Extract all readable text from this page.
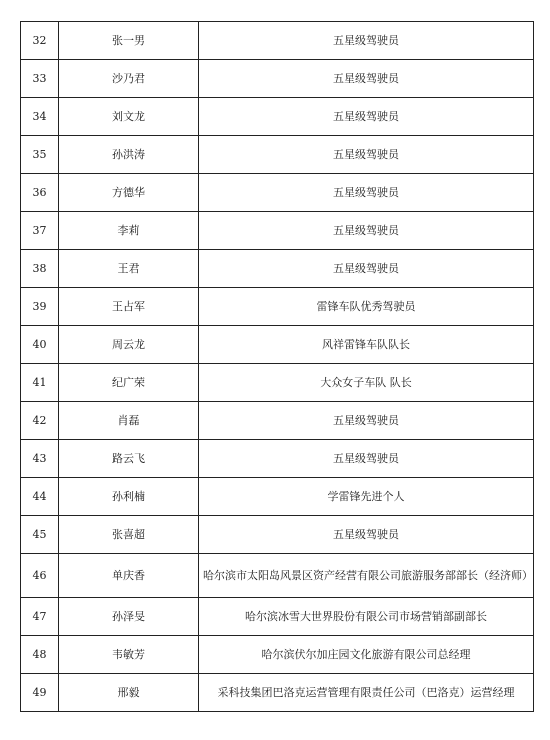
32	张一男	五星级驾驶员
33	沙乃君	五星级驾驶员
34	刘文龙	五星级驾驶员
35	孙洪涛	五星级驾驶员
36	方德华	五星级驾驶员
37	李莉	五星级驾驶员
38	王君	五星级驾驶员
39	王占军	雷锋车队优秀驾驶员
40	周云龙	风祥雷锋车队队长
41	纪广荣	大众女子车队 队长
42	肖磊	五星级驾驶员
43	路云飞	五星级驾驶员
44	孙利楠	学雷锋先进个人
45	张喜超	五星级驾驶员
46	单庆香	哈尔滨市太阳岛风景区资产经营有限公司旅游服务部部长（经济师）
47	孙泽旻	哈尔滨冰雪大世界股份有限公司市场营销部副部长
48	韦敏芳	哈尔滨伏尔加庄园文化旅游有限公司总经理
49	邢毅	采科技集团巴洛克运营管理有限责任公司（巴洛克）运营经理
